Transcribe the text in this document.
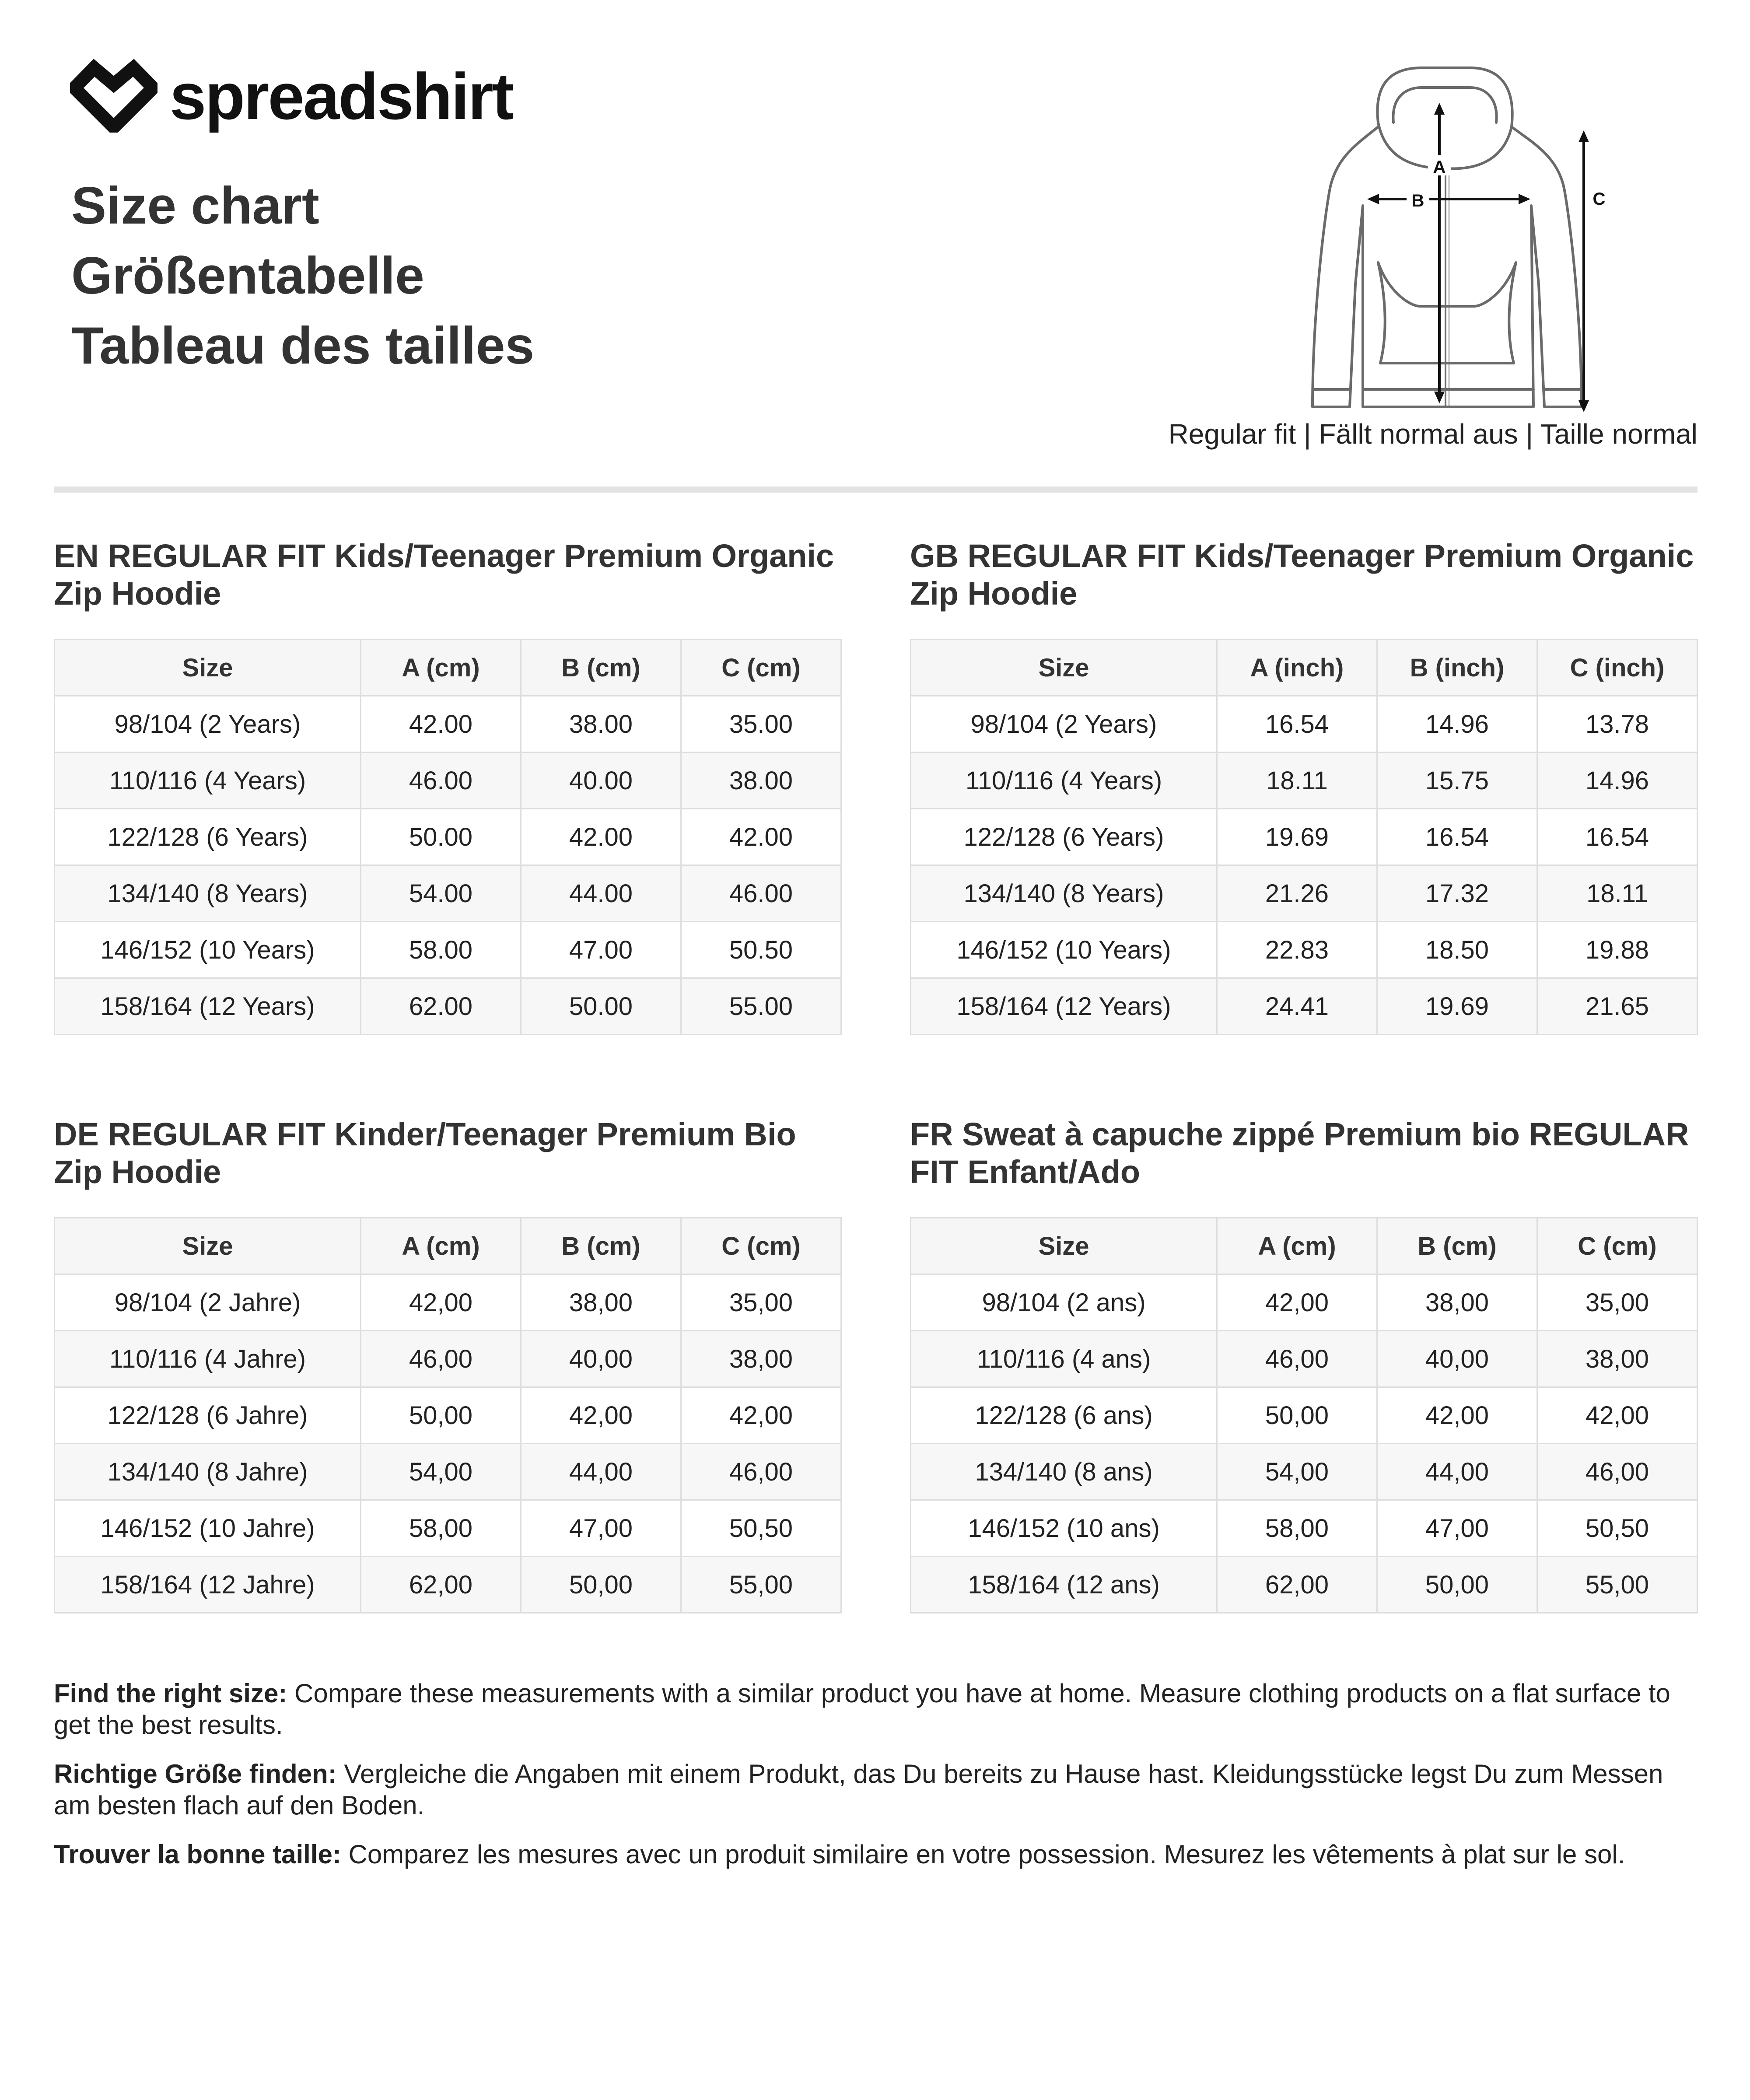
spreadshirt
Size chart
Größentabelle
Tableau des tailles
B
A
C
Regular fit | Fällt normal aus | Taille normal
EN REGULAR FIT Kids/Teenager Premium Organic Zip Hoodie
Size	A (cm)	B (cm)	C (cm)
98/104 (2 Years)	42.00	38.00	35.00
110/116 (4 Years)	46.00	40.00	38.00
122/128 (6 Years)	50.00	42.00	42.00
134/140 (8 Years)	54.00	44.00	46.00
146/152 (10 Years)	58.00	47.00	50.50
158/164 (12 Years)	62.00	50.00	55.00
GB REGULAR FIT Kids/Teenager Premium Organic Zip Hoodie
Size	A (inch)	B (inch)	C (inch)
98/104 (2 Years)	16.54	14.96	13.78
110/116 (4 Years)	18.11	15.75	14.96
122/128 (6 Years)	19.69	16.54	16.54
134/140 (8 Years)	21.26	17.32	18.11
146/152 (10 Years)	22.83	18.50	19.88
158/164 (12 Years)	24.41	19.69	21.65
DE REGULAR FIT Kinder/Teenager Premium Bio Zip Hoodie
Size	A (cm)	B (cm)	C (cm)
98/104 (2 Jahre)	42,00	38,00	35,00
110/116 (4 Jahre)	46,00	40,00	38,00
122/128 (6 Jahre)	50,00	42,00	42,00
134/140 (8 Jahre)	54,00	44,00	46,00
146/152 (10 Jahre)	58,00	47,00	50,50
158/164 (12 Jahre)	62,00	50,00	55,00
FR Sweat à capuche zippé Premium bio REGULAR FIT Enfant/Ado
Size	A (cm)	B (cm)	C (cm)
98/104 (2 ans)	42,00	38,00	35,00
110/116 (4 ans)	46,00	40,00	38,00
122/128 (6 ans)	50,00	42,00	42,00
134/140 (8 ans)	54,00	44,00	46,00
146/152 (10 ans)	58,00	47,00	50,50
158/164 (12 ans)	62,00	50,00	55,00

Find the right size: Compare these measurements with a similar product you have at home. Measure clothing products on a flat surface to get the best results.

Richtige Größe finden: Vergleiche die Angaben mit einem Produkt, das Du bereits zu Hause hast. Kleidungsstücke legst Du zum Messen am besten flach auf den Boden.

Trouver la bonne taille: Comparez les mesures avec un produit similaire en votre possession. Mesurez les vêtements à plat sur le sol.
